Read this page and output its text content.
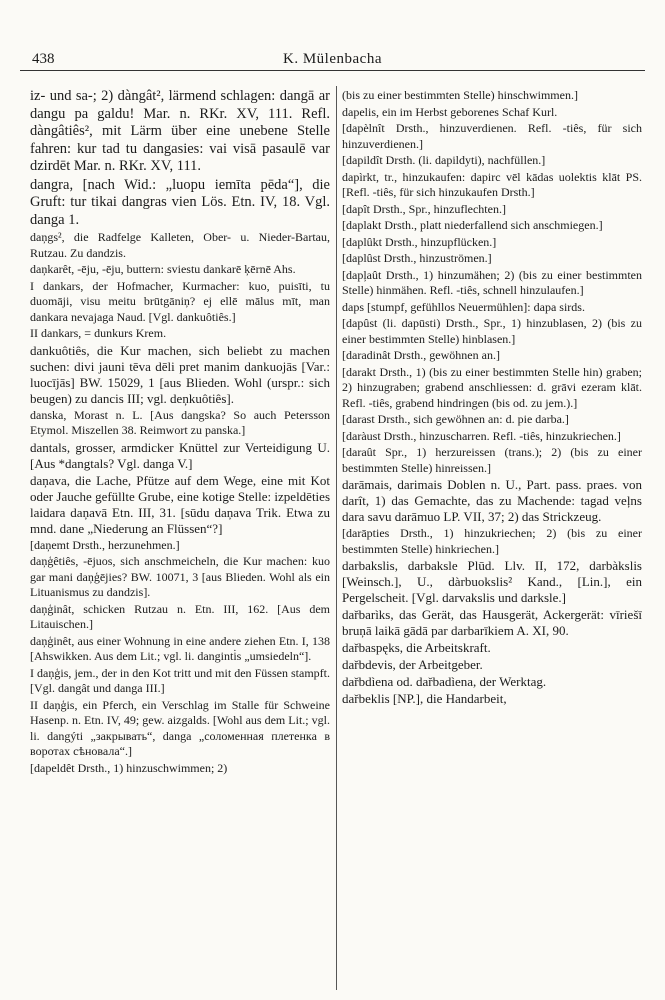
438	K. Mülenbacha

iz- und sa-; 2) dàngât², lärmend schlagen: dangā ar dangu pa galdu! Mar. n. RKr. XV, 111. Refl. dàngâtiês², mit Lärm über eine unebene Stelle fahren: kur tad tu dangasies: vai visā pasaulē var dzirdēt Mar. n. RKr. XV, 111.

dangra, [nach Wid.: „luopu iemīta pēda“], die Gruft: tur tikai dangras vien Lös. Etn. IV, 18. Vgl. danga 1.

daņgs², die Radfelge Kalleten, Ober- u. Nieder-Bartau, Rutzau. Zu dandzis.

daņkarêt, -ēju, -ēju, buttern: sviestu dankarē ķērnē Ahs.

I dankars, der Hofmacher, Kurmacher: kuo, puisīti, tu duomāji, visu meitu brūtgāniņ? ej ellē mālus mīt, man dankara nevajaga Naud. [Vgl. dankuôtiês.]

II dankars, = dunkurs Krem.

dankuôtiês, die Kur machen, sich beliebt zu machen suchen: divi jauni tēva dēli pret manim dankuojās [Var.: luocījās] BW. 15029, 1 [aus Blieden. Wohl (urspr.: sich beugen) zu dancis III; vgl. deņkuôtiês].

danska, Morast n. L. [Aus dangska? So auch Petersson Etymol. Miszellen 38. Reimwort zu panska.]

dantals, grosser, armdicker Knüttel zur Verteidigung U. [Aus *dangtals? Vgl. danga V.]

daņava, die Lache, Pfütze auf dem Wege, eine mit Kot oder Jauche gefüllte Grube, eine kotige Stelle: izpeldēties laidara daņavā Etn. III, 31. [sūdu daņava Trik. Etwa zu mnd. dane „Niederung an Flüssen“?]

[daņemt Drsth., herzunehmen.]

daņģêtiês, -ējuos, sich anschmeicheln, die Kur machen: kuo gar mani daņģējies? BW. 10071, 3 [aus Blieden. Wohl als ein Lituanismus zu dandzis].

daņģinât, schicken Rutzau n. Etn. III, 162. [Aus dem Litauischen.]

daņģinêt, aus einer Wohnung in eine andere ziehen Etn. I, 138 [Ahswikken. Aus dem Lit.; vgl. li. danginti̇s „umsiedeln“].

I daņģis, jem., der in den Kot tritt und mit den Füssen stampft. [Vgl. dangât und danga III.]

II daņģis, ein Pferch, ein Verschlag im Stalle für Schweine Hasenp. n. Etn. IV, 49; gew. aizgalds. [Wohl aus dem Lit.; vgl. li. dangýti „закрывать“, danga „соломенная плетенка в воротах сѣновала“.]

[dapeldêt Drsth., 1) hinzuschwimmen; 2)

(bis zu einer bestimmten Stelle) hinschwimmen.]

dapelis, ein im Herbst geborenes Schaf Kurl.

[dapèlnît Drsth., hinzuverdienen. Refl. -tiês, für sich hinzuverdienen.]

[dapildît Drsth. (li. dapildyti), nachfüllen.]

dapìrkt, tr., hinzukaufen: dapirc vēl kādas uolektis klāt PS. [Refl. -tiês, für sich hinzukaufen Drsth.]

[dapît Drsth., Spr., hinzuflechten.]

[daplakt Drsth., platt niederfallend sich anschmiegen.]

[daplûkt Drsth., hinzupflücken.]

[daplûst Drsth., hinzuströmen.]

[dapļaût Drsth., 1) hinzumähen; 2) (bis zu einer bestimmten Stelle) hinmähen. Refl. -tiês, schnell hinzulaufen.]

daps [stumpf, gefühllos Neuermühlen]: dapa sirds.

[dapûst (li. dapūsti) Drsth., Spr., 1) hinzublasen, 2) (bis zu einer bestimmten Stelle) hinblasen.]

[daradinât Drsth., gewöhnen an.]

[darakt Drsth., 1) (bis zu einer bestimmten Stelle hin) graben; 2) hinzugraben; grabend anschliessen: d. grāvi ezeram klāt. Refl. -tiês, grabend hindringen (bis od. zu jem.).]

[darast Drsth., sich gewöhnen an: d. pie darba.]

[daràust Drsth., hinzuscharren. Refl. -tiês, hinzukriechen.]

[daraût Spr., 1) herzureissen (trans.); 2) (bis zu einer bestimmten Stelle) hinreissen.]

darāmais, darimais Doblen n. U., Part. pass. praes. von darît, 1) das Gemachte, das zu Machende: tagad veļns dara savu darāmuo LP. VII, 37; 2) das Strickzeug.

[darāpties Drsth., 1) hinzukriechen; 2) (bis zu einer bestimmten Stelle) hinkriechen.]

darbakslis, darbaksle Plūd. Llv. II, 172, darbàkslis [Weinsch.], U., dàrbuokslis² Kand., [Lin.], ein Pergelscheit. [Vgl. darvakslis und darksle.]

dařbarìks, das Gerät, das Hausgerät, Ackergerät: vīriešī bruņā laikā gādā par darbarīkiem A. XI, 90.

dařbaspęks, die Arbeitskraft.

dařbdevis, der Arbeitgeber.

dařbdìena od. dařbadìena, der Werktag.

dařbeklis [NP.], die Handarbeit,
